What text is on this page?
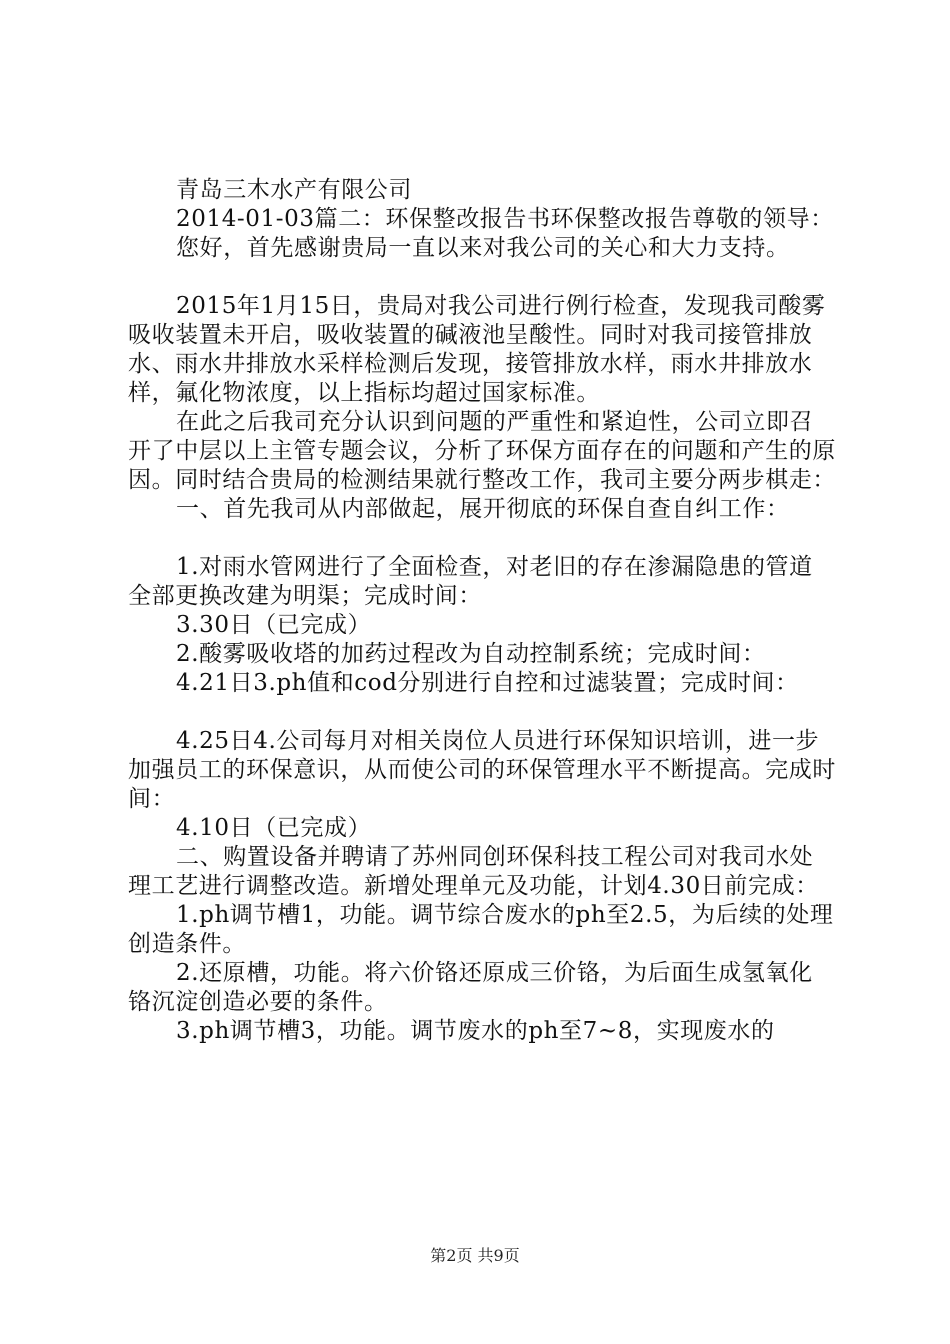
青岛三木水产有限公司

2014-01-03篇二：环保整改报告书环保整改报告尊敬的领导：

您好，首先感谢贵局一直以来对我公司的关心和大力支持。

2015年1月15日，贵局对我公司进行例行检查，发现我司酸雾吸收装置未开启，吸收装置的碱液池呈酸性。同时对我司接管排放水、雨水井排放水采样检测后发现，接管排放水样，雨水井排放水样，氟化物浓度，以上指标均超过国家标准。

在此之后我司充分认识到问题的严重性和紧迫性，公司立即召开了中层以上主管专题会议，分析了环保方面存在的问题和产生的原因。同时结合贵局的检测结果就行整改工作，我司主要分两步棋走：

一、首先我司从内部做起，展开彻底的环保自查自纠工作：

1.对雨水管网进行了全面检查，对老旧的存在渗漏隐患的管道全部更换改建为明渠；完成时间：

3.30日（已完成）

2.酸雾吸收塔的加药过程改为自动控制系统；完成时间：

4.21日3.ph值和cod分别进行自控和过滤装置；完成时间：

4.25日4.公司每月对相关岗位人员进行环保知识培训，进一步加强员工的环保意识，从而使公司的环保管理水平不断提高。完成时间：

4.10日（已完成）

二、购置设备并聘请了苏州同创环保科技工程公司对我司水处理工艺进行调整改造。新增处理单元及功能，计划4.30日前完成：

1.ph调节槽1，功能。调节综合废水的ph至2.5，为后续的处理创造条件。

2.还原槽，功能。将六价铬还原成三价铬，为后面生成氢氧化铬沉淀创造必要的条件。

3.ph调节槽3，功能。调节废水的ph至7~8，实现废水的

第2页 共9页
